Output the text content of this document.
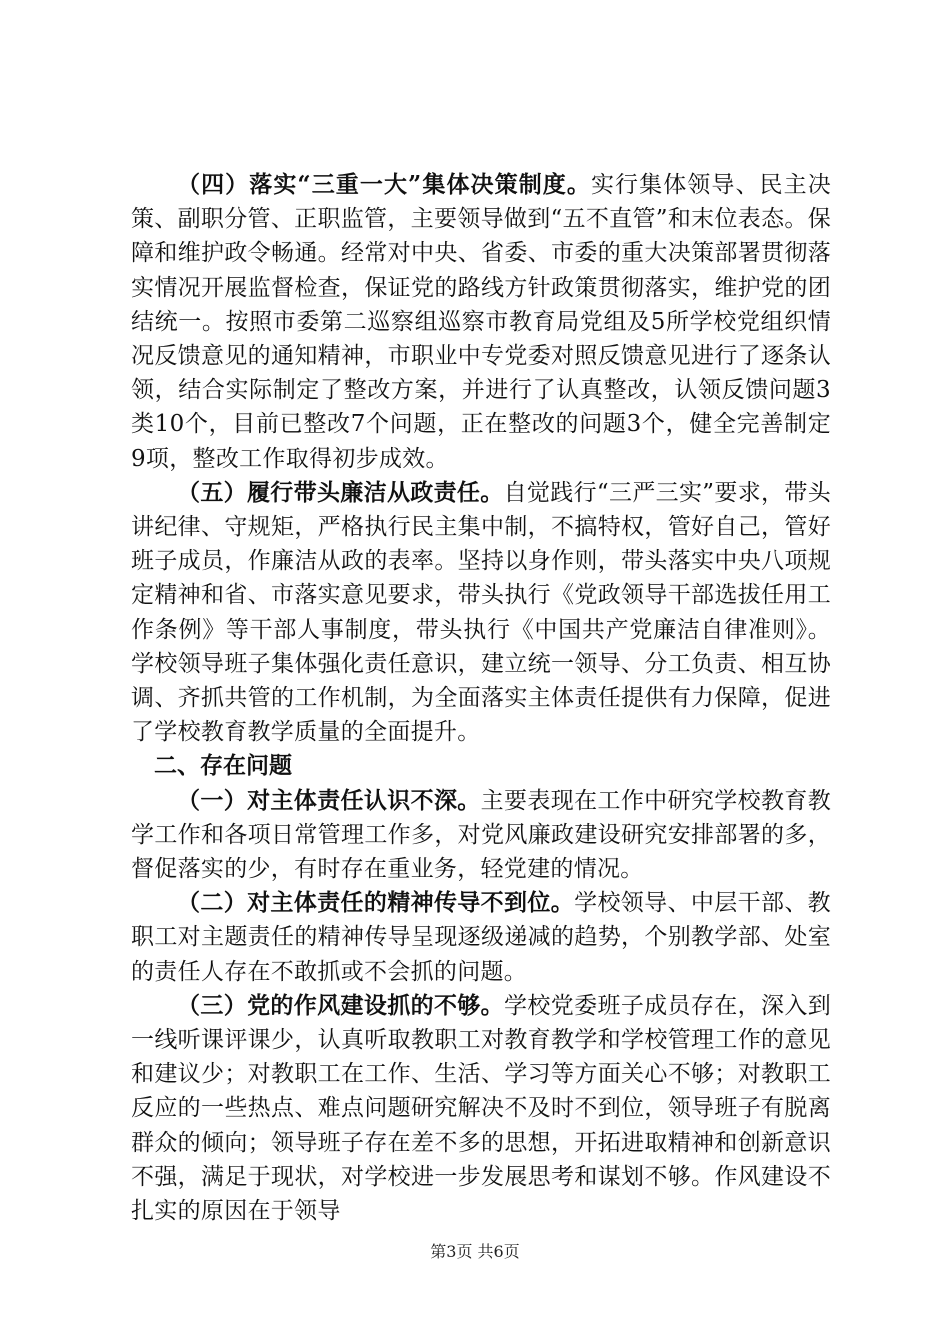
（四）落实“三重一大”集体决策制度。实行集体领导、民主决策、副职分管、正职监管，主要领导做到“五不直管”和末位表态。保障和维护政令畅通。经常对中央、省委、市委的重大决策部署贯彻落实情况开展监督检查，保证党的路线方针政策贯彻落实，维护党的团结统一。按照市委第二巡察组巡察市教育局党组及5所学校党组织情况反馈意见的通知精神，市职业中专党委对照反馈意见进行了逐条认领，结合实际制定了整改方案，并进行了认真整改，认领反馈问题3类10个，目前已整改7个问题，正在整改的问题3个，健全完善制定9项，整改工作取得初步成效。

（五）履行带头廉洁从政责任。自觉践行“三严三实”要求，带头讲纪律、守规矩，严格执行民主集中制，不搞特权，管好自己，管好班子成员，作廉洁从政的表率。坚持以身作则，带头落实中央八项规定精神和省、市落实意见要求，带头执行《党政领导干部选拔任用工作条例》等干部人事制度，带头执行《中国共产党廉洁自律准则》。学校领导班子集体强化责任意识，建立统一领导、分工负责、相互协调、齐抓共管的工作机制，为全面落实主体责任提供有力保障，促进了学校教育教学质量的全面提升。

二、存在问题

（一）对主体责任认识不深。主要表现在工作中研究学校教育教学工作和各项日常管理工作多，对党风廉政建设研究安排部署的多，督促落实的少，有时存在重业务，轻党建的情况。

（二）对主体责任的精神传导不到位。学校领导、中层干部、教职工对主题责任的精神传导呈现逐级递减的趋势，个别教学部、处室的责任人存在不敢抓或不会抓的问题。

（三）党的作风建设抓的不够。学校党委班子成员存在，深入到一线听课评课少，认真听取教职工对教育教学和学校管理工作的意见和建议少；对教职工在工作、生活、学习等方面关心不够；对教职工反应的一些热点、难点问题研究解决不及时不到位，领导班子有脱离群众的倾向；领导班子存在差不多的思想，开拓进取精神和创新意识不强，满足于现状，对学校进一步发展思考和谋划不够。作风建设不扎实的原因在于领导

第3页 共6页
